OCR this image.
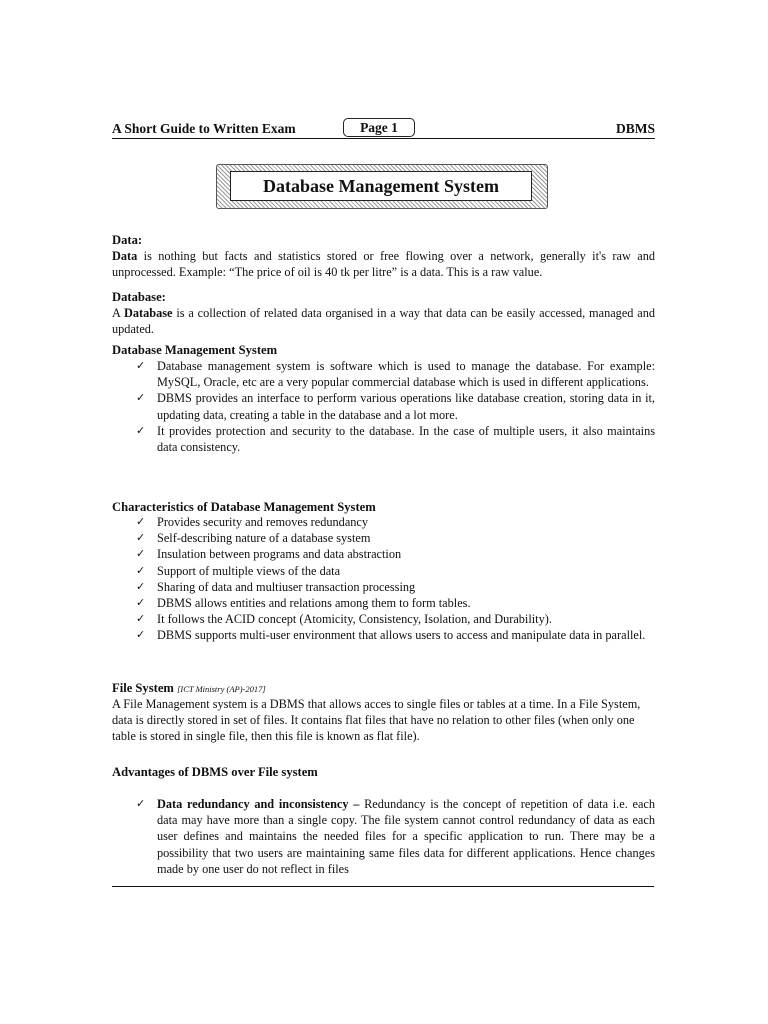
A Short Guide to Written Exam	Page 1	DBMS
Database Management System
Data:
Data is nothing but facts and statistics stored or free flowing over a network, generally it's raw and unprocessed. Example: “The price of oil is 40 tk per litre” is a data. This is a raw value.
Database:
A Database is a collection of related data organised in a way that data can be easily accessed, managed and updated.
Database Management System
✓ Database management system is software which is used to manage the database. For example: MySQL, Oracle, etc are a very popular commercial database which is used in different applications.
✓ DBMS provides an interface to perform various operations like database creation, storing data in it, updating data, creating a table in the database and a lot more.
✓ It provides protection and security to the database. In the case of multiple users, it also maintains data consistency.
Characteristics of Database Management System
✓ Provides security and removes redundancy
✓ Self-describing nature of a database system
✓ Insulation between programs and data abstraction
✓ Support of multiple views of the data
✓ Sharing of data and multiuser transaction processing
✓ DBMS allows entities and relations among them to form tables.
✓ It follows the ACID concept (Atomicity, Consistency, Isolation, and Durability).
✓ DBMS supports multi-user environment that allows users to access and manipulate data in parallel.
File System [ICT Ministry (AP)-2017]
A File Management system is a DBMS that allows acces to single files or tables at a time. In a File System, data is directly stored in set of files. It contains flat files that have no relation to other files (when only one table is stored in single file, then this file is known as flat file).
Advantages of DBMS over File system
✓ Data redundancy and inconsistency – Redundancy is the concept of repetition of data i.e. each data may have more than a single copy. The file system cannot control redundancy of data as each user defines and maintains the needed files for a specific application to run. There may be a possibility that two users are maintaining same files data for different applications. Hence changes made by one user do not reflect in files
